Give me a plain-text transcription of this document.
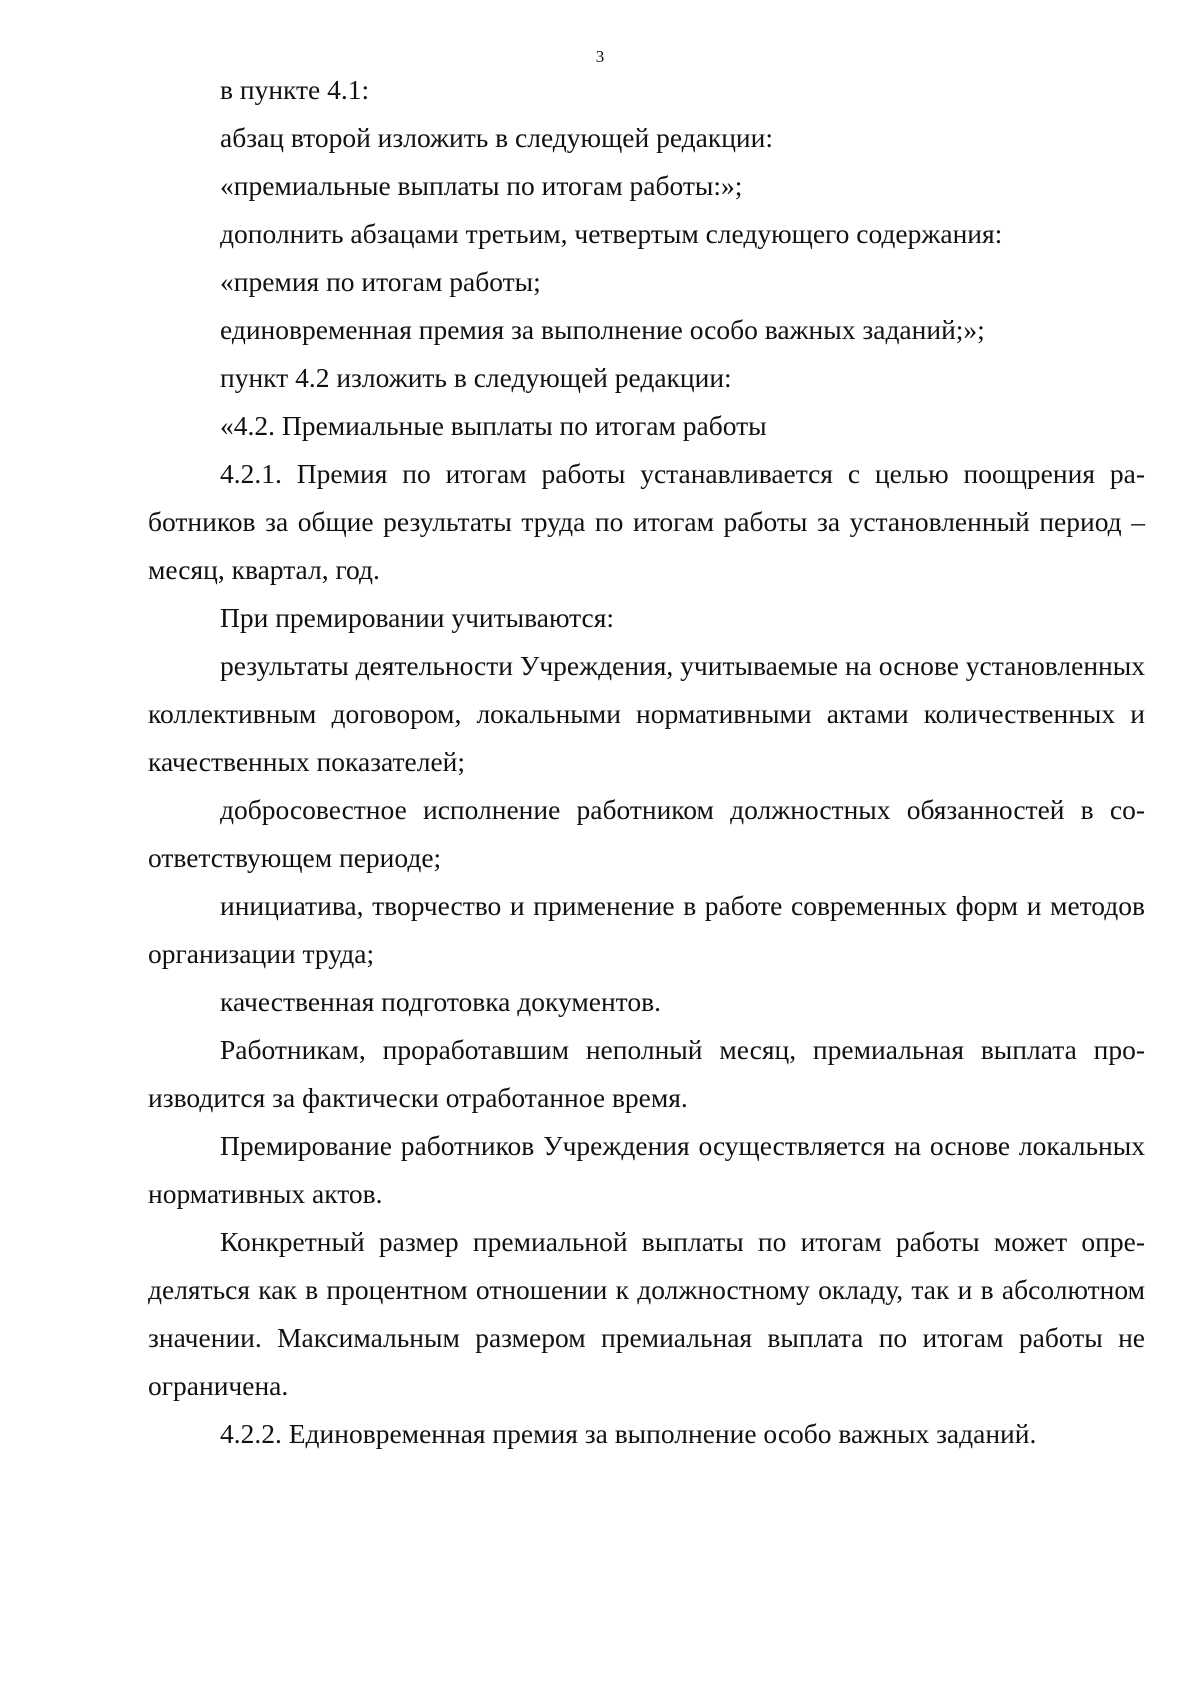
3

в пункте 4.1:

абзац второй изложить в следующей редакции:

«премиальные выплаты по итогам работы:»;

дополнить абзацами третьим, четвертым следующего содержания:

«премия по итогам работы;

единовременная премия за выполнение особо важных заданий;»;

пункт 4.2 изложить в следующей редакции:

«4.2. Премиальные выплаты по итогам работы

4.2.1. Премия по итогам работы устанавливается с целью поощрения работников за общие результаты труда по итогам работы за установленный период – месяц, квартал, год.

При премировании учитываются:

результаты деятельности Учреждения, учитываемые на основе установленных коллективным договором, локальными нормативными актами количественных и качественных показателей;

добросовестное исполнение работником должностных обязанностей в соответствующем периоде;

инициатива, творчество и применение в работе современных форм и методов организации труда;

качественная подготовка документов.

Работникам, проработавшим неполный месяц, премиальная выплата производится за фактически отработанное время.

Премирование работников Учреждения осуществляется на основе локальных нормативных актов.

Конкретный размер премиальной выплаты по итогам работы может определяться как в процентном отношении к должностному окладу, так и в абсолютном значении. Максимальным размером премиальная выплата по итогам работы не ограничена.

4.2.2. Единовременная премия за выполнение особо важных заданий.
